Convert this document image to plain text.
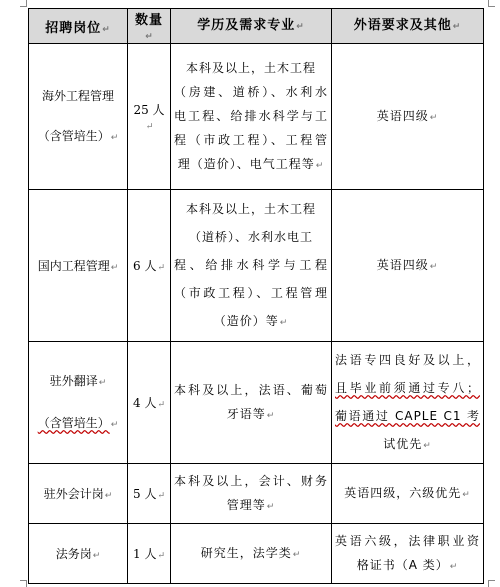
招聘岗位↵	数量↵	学历及需求专业↵	外语要求及其他↵

海外工程管理
（含管培生）↵	25 人↵	本科及以上，土木工程
（房建、道桥）、水利水
电工程、给排水科学与工
程（市政工程）、工程管
理（造价）、电气工程等↵	英语四级↵

国内工程管理↵	6 人↵	本科及以上，土木工程
（道桥）、水利水电工
程、给排水科学与工程
（市政工程）、工程管理
（造价）等↵	英语四级↵

驻外翻译↵
（含管培生）↵	4 人↵	本科及以上，法语、葡萄
牙语等↵	法语专四良好及以上，
且毕业前须通过专八；
葡语通过 CAPLE C1 考
试优先↵

驻外会计岗↵	5 人↵	本科及以上，会计、财务
管理等↵	英语四级，六级优先↵

法务岗↵	1 人↵	研究生，法学类↵	英语六级，法律职业资
格证书（A 类）↵
